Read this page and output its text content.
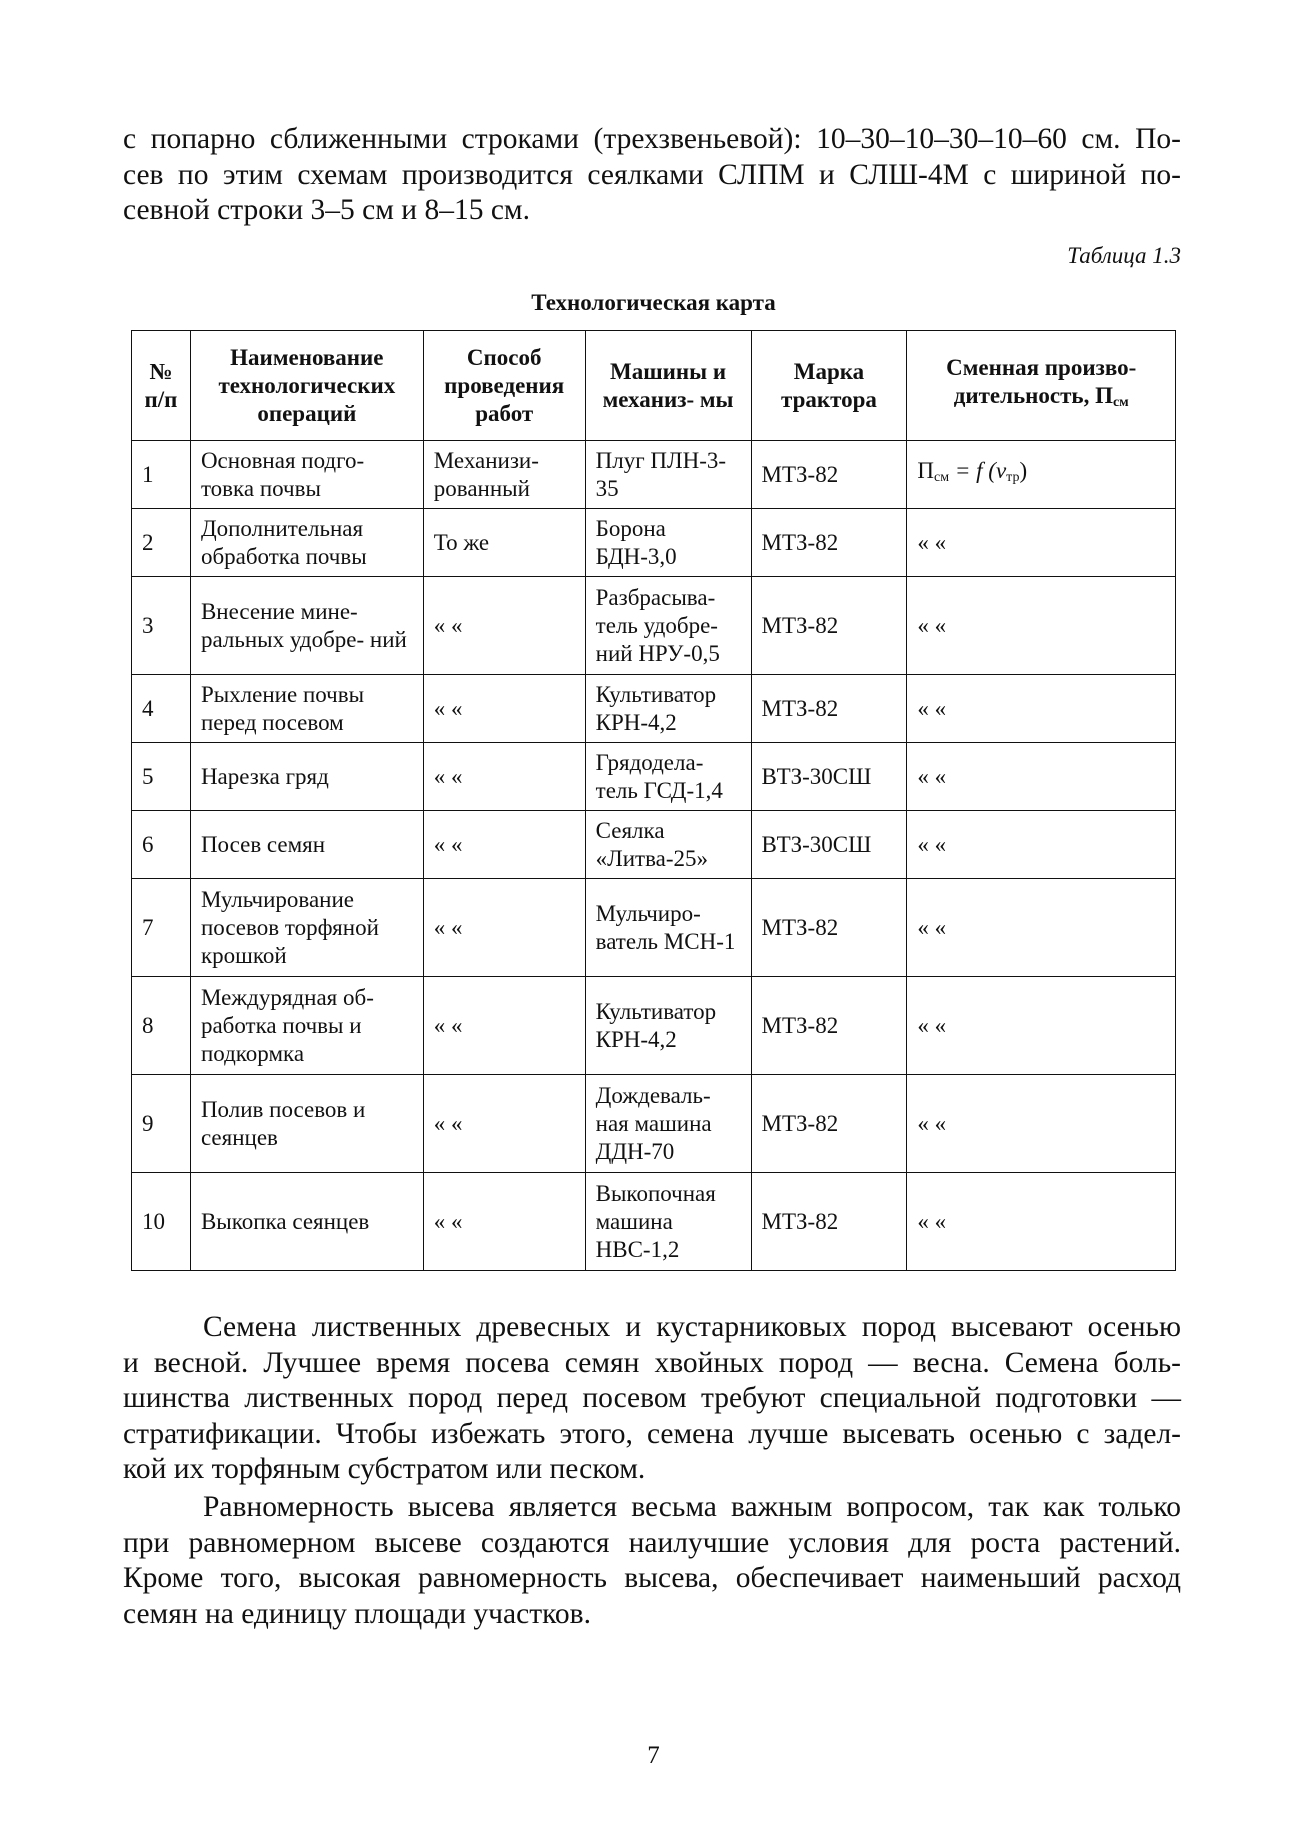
с попарно сближенными строками (трехзвеньевой): 10–30–10–30–10–60 см. По-
сев по этим схемам производится сеялками СЛПМ и СЛШ-4М с шириной по-
севной строки 3–5 см и 8–15 см.
Таблица 1.3
Технологическая карта
№ п/п	Наименование технологических операций	Способ проведения работ	Машины и механиз- мы	Марка трактора	Сменная произво- дительность, $П_{см}$
1	Основная подго- товка почвы	Механизи- рованный	Плуг ПЛН-3-35	МТЗ-82	$П_{см} = f$ $(v_{тр})$
2	Дополнительная обработка почвы	То же	Борона БДН-3,0	МТЗ-82	« «
3	Внесение мине- ральных удобре- ний	« «	Разбрасыва- тель удобре- ний НРУ-0,5	МТЗ-82	« «
4	Рыхление почвы перед посевом	« «	Культиватор КРН-4,2	МТЗ-82	« «
5	Нарезка гряд	« «	Грядодела- тель ГСД-1,4	ВТЗ-30СШ	« «
6	Посев семян	« «	Сеялка «Литва-25»	ВТЗ-30СШ	« «
7	Мульчирование посевов торфяной крошкой	« «	Мульчиро- ватель МСН-1	МТЗ-82	« «
8	Междурядная об- работка почвы и подкормка	« «	Культиватор КРН-4,2	МТЗ-82	« «
9	Полив посевов и сеянцев	« «	Дождеваль- ная машина ДДН-70	МТЗ-82	« «
10	Выкопка сеянцев	« «	Выкопочная машина НВС-1,2	МТЗ-82	« «
Семена лиственных древесных и кустарниковых пород высевают осенью
и весной. Лучшее время посева семян хвойных пород — весна. Семена боль-
шинства лиственных пород перед посевом требуют специальной подготовки —
стратификации. Чтобы избежать этого, семена лучше высевать осенью с задел-
кой их торфяным субстратом или песком.
Равномерность высева является весьма важным вопросом, так как только
при равномерном высеве создаются наилучшие условия для роста растений.
Кроме того, высокая равномерность высева, обеспечивает наименьший расход
семян на единицу площади участков.
7
